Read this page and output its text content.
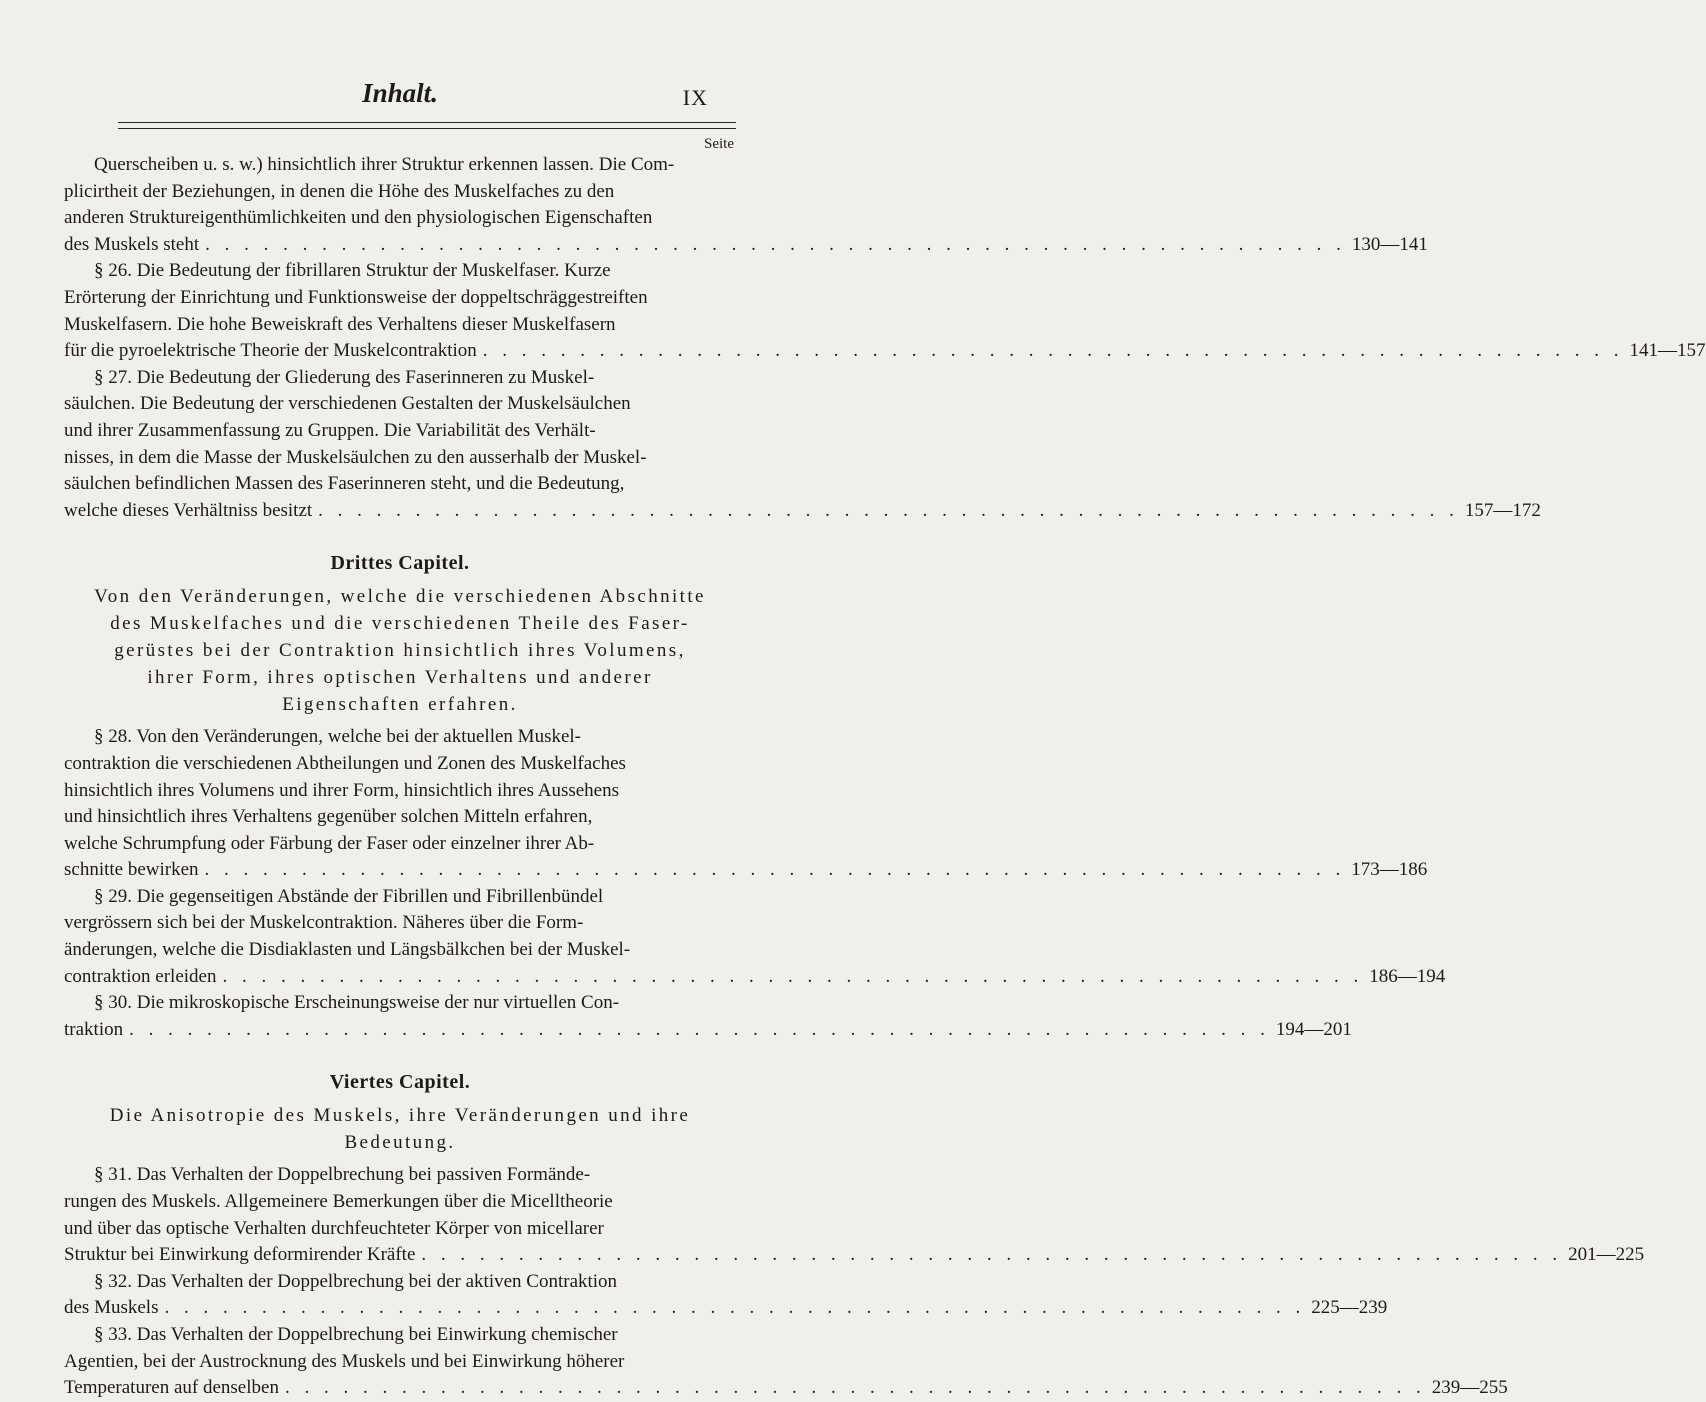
Inhalt.	IX
Seite

Querscheiben u. s. w.) hinsichtlich ihrer Struktur erkennen lassen. Die Com-

plicirtheit der Beziehungen, in denen die Höhe des Muskelfaches zu den

anderen Struktureigenthümlichkeiten und den physiologischen Eigenschaften

des Muskels steht . . . . . . . . . . . . . . . . . . . . . . . . . . . . . . . . . . . . . . . . . . . . . . . . . . . . . . . . . . . 130—141

§ 26. Die Bedeutung der fibrillaren Struktur der Muskelfaser. Kurze

Erörterung der Einrichtung und Funktionsweise der doppeltschräggestreiften

Muskelfasern. Die hohe Beweiskraft des Verhaltens dieser Muskelfasern

für die pyroelektrische Theorie der Muskelcontraktion . . . . . . . . . . . . . . . . . . . . . . . . . . . . . . . . . . . . . . . . . . . . . . . . . . . . . . . . . . . 141—157

§ 27. Die Bedeutung der Gliederung des Faserinneren zu Muskel-

säulchen. Die Bedeutung der verschiedenen Gestalten der Muskelsäulchen

und ihrer Zusammenfassung zu Gruppen. Die Variabilität des Verhält-

nisses, in dem die Masse der Muskelsäulchen zu den ausserhalb der Muskel-

säulchen befindlichen Massen des Faserinneren steht, und die Bedeutung,

welche dieses Verhältniss besitzt . . . . . . . . . . . . . . . . . . . . . . . . . . . . . . . . . . . . . . . . . . . . . . . . . . . . . . . . . . . 157—172

Drittes Capitel.
Von den Veränderungen, welche die verschiedenen Abschnitte
des Muskelfaches und die verschiedenen Theile des Faser-
gerüstes bei der Contraktion hinsichtlich ihres Volumens,
ihrer Form, ihres optischen Verhaltens und anderer
Eigenschaften erfahren.

§ 28. Von den Veränderungen, welche bei der aktuellen Muskel-

contraktion die verschiedenen Abtheilungen und Zonen des Muskelfaches

hinsichtlich ihres Volumens und ihrer Form, hinsichtlich ihres Aussehens

und hinsichtlich ihres Verhaltens gegenüber solchen Mitteln erfahren,

welche Schrumpfung oder Färbung der Faser oder einzelner ihrer Ab-

schnitte bewirken . . . . . . . . . . . . . . . . . . . . . . . . . . . . . . . . . . . . . . . . . . . . . . . . . . . . . . . . . . . 173—186

§ 29. Die gegenseitigen Abstände der Fibrillen und Fibrillenbündel

vergrössern sich bei der Muskelcontraktion. Näheres über die Form-

änderungen, welche die Disdiaklasten und Längsbälkchen bei der Muskel-

contraktion erleiden . . . . . . . . . . . . . . . . . . . . . . . . . . . . . . . . . . . . . . . . . . . . . . . . . . . . . . . . . . . 186—194

§ 30. Die mikroskopische Erscheinungsweise der nur virtuellen Con-

traktion . . . . . . . . . . . . . . . . . . . . . . . . . . . . . . . . . . . . . . . . . . . . . . . . . . . . . . . . . . . 194—201

Viertes Capitel.
Die Anisotropie des Muskels, ihre Veränderungen und ihre
Bedeutung.

§ 31. Das Verhalten der Doppelbrechung bei passiven Formände-

rungen des Muskels. Allgemeinere Bemerkungen über die Micelltheorie

und über das optische Verhalten durchfeuchteter Körper von micellarer

Struktur bei Einwirkung deformirender Kräfte . . . . . . . . . . . . . . . . . . . . . . . . . . . . . . . . . . . . . . . . . . . . . . . . . . . . . . . . . . . 201—225

§ 32. Das Verhalten der Doppelbrechung bei der aktiven Contraktion

des Muskels . . . . . . . . . . . . . . . . . . . . . . . . . . . . . . . . . . . . . . . . . . . . . . . . . . . . . . . . . . . 225—239

§ 33. Das Verhalten der Doppelbrechung bei Einwirkung chemischer

Agentien, bei der Austrocknung des Muskels und bei Einwirkung höherer

Temperaturen auf denselben . . . . . . . . . . . . . . . . . . . . . . . . . . . . . . . . . . . . . . . . . . . . . . . . . . . . . . . . . . . 239—255
